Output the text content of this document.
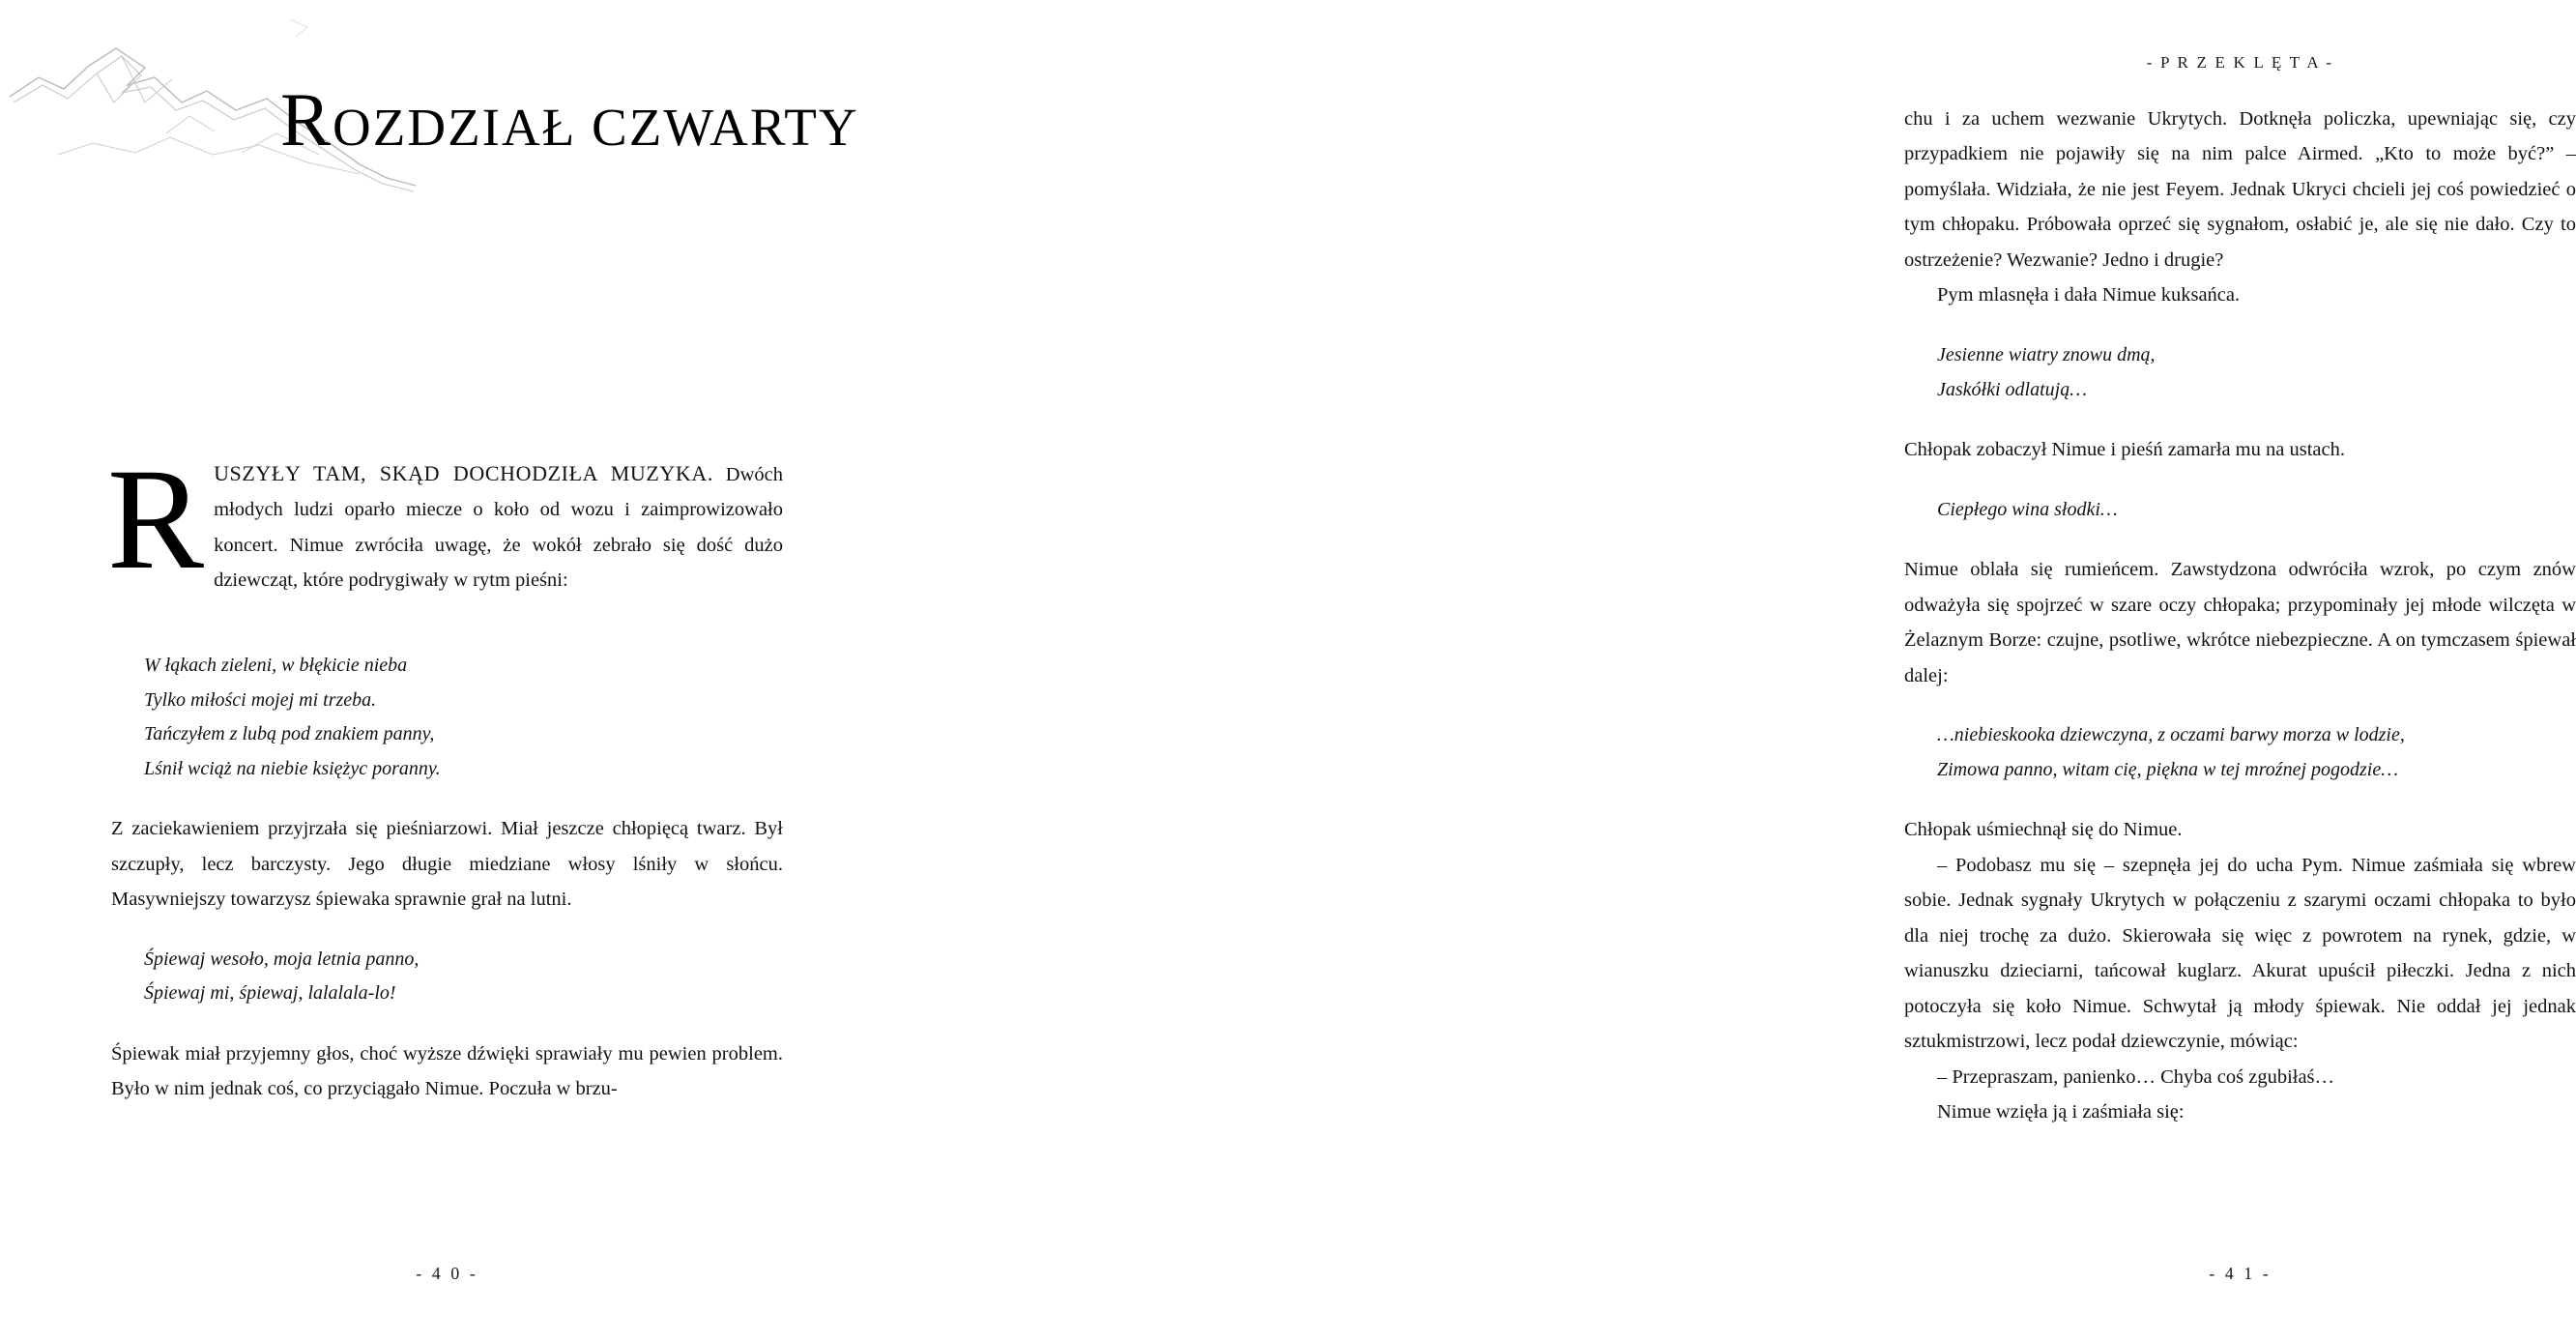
ROZDZIAŁ CZWARTY
RUSZYŁY TAM, SKĄD DOCHODZIŁA MUZYKA. Dwóch młodych ludzi oparło miecze o koło od wozu i zaimprowizowało koncert. Nimue zwróciła uwagę, że wokół zebrało się dość dużo dziewcząt, które podrygiwały w rytm pieśni:

W łąkach zieleni, w błękicie nieba

Tylko miłości mojej mi trzeba.

Tańczyłem z lubą pod znakiem panny,

Lśnił wciąż na niebie księżyc poranny.

Z zaciekawieniem przyjrzała się pieśniarzowi. Miał jeszcze chłopięcą twarz. Był szczupły, lecz barczysty. Jego długie miedziane włosy lśniły w słońcu. Masywniejszy towarzysz śpiewaka sprawnie grał na lutni.

Śpiewaj wesoło, moja letnia panno,

Śpiewaj mi, śpiewaj, lalalala-lo!

Śpiewak miał przyjemny głos, choć wyższe dźwięki sprawiały mu pewien problem. Było w nim jednak coś, co przyciągało Nimue. Poczuła w brzu-

- 4 0 -
- P R Z E K L Ę T A -

chu i za uchem wezwanie Ukrytych. Dotknęła policzka, upewniając się, czy przypadkiem nie pojawiły się na nim palce Airmed. „Kto to może być?” – pomyślała. Widziała, że nie jest Feyem. Jednak Ukryci chcieli jej coś powiedzieć o tym chłopaku. Próbowała oprzeć się sygnałom, osłabić je, ale się nie dało. Czy to ostrzeżenie? Wezwanie? Jedno i drugie?

Pym mlasnęła i dała Nimue kuksańca.

Jesienne wiatry znowu dmą,

Jaskółki odlatują…

Chłopak zobaczył Nimue i pieśń zamarła mu na ustach.

Ciepłego wina słodki…

Nimue oblała się rumieńcem. Zawstydzona odwróciła wzrok, po czym znów odważyła się spojrzeć w szare oczy chłopaka; przypominały jej młode wilczęta w Żelaznym Borze: czujne, psotliwe, wkrótce niebezpieczne. A on tymczasem śpiewał dalej:

…niebieskooka dziewczyna, z oczami barwy morza w lodzie,

Zimowa panno, witam cię, piękna w tej mroźnej pogodzie…

Chłopak uśmiechnął się do Nimue.

– Podobasz mu się – szepnęła jej do ucha Pym. Nimue zaśmiała się wbrew sobie. Jednak sygnały Ukrytych w połączeniu z szarymi oczami chłopaka to było dla niej trochę za dużo. Skierowała się więc z powrotem na rynek, gdzie, w wianuszku dzieciarni, tańcował kuglarz. Akurat upuścił piłeczki. Jedna z nich potoczyła się koło Nimue. Schwytał ją młody śpiewak. Nie oddał jej jednak sztukmistrzowi, lecz podał dziewczynie, mówiąc:

– Przepraszam, panienko… Chyba coś zgubiłaś…

Nimue wzięła ją i zaśmiała się:

- 4 1 -
